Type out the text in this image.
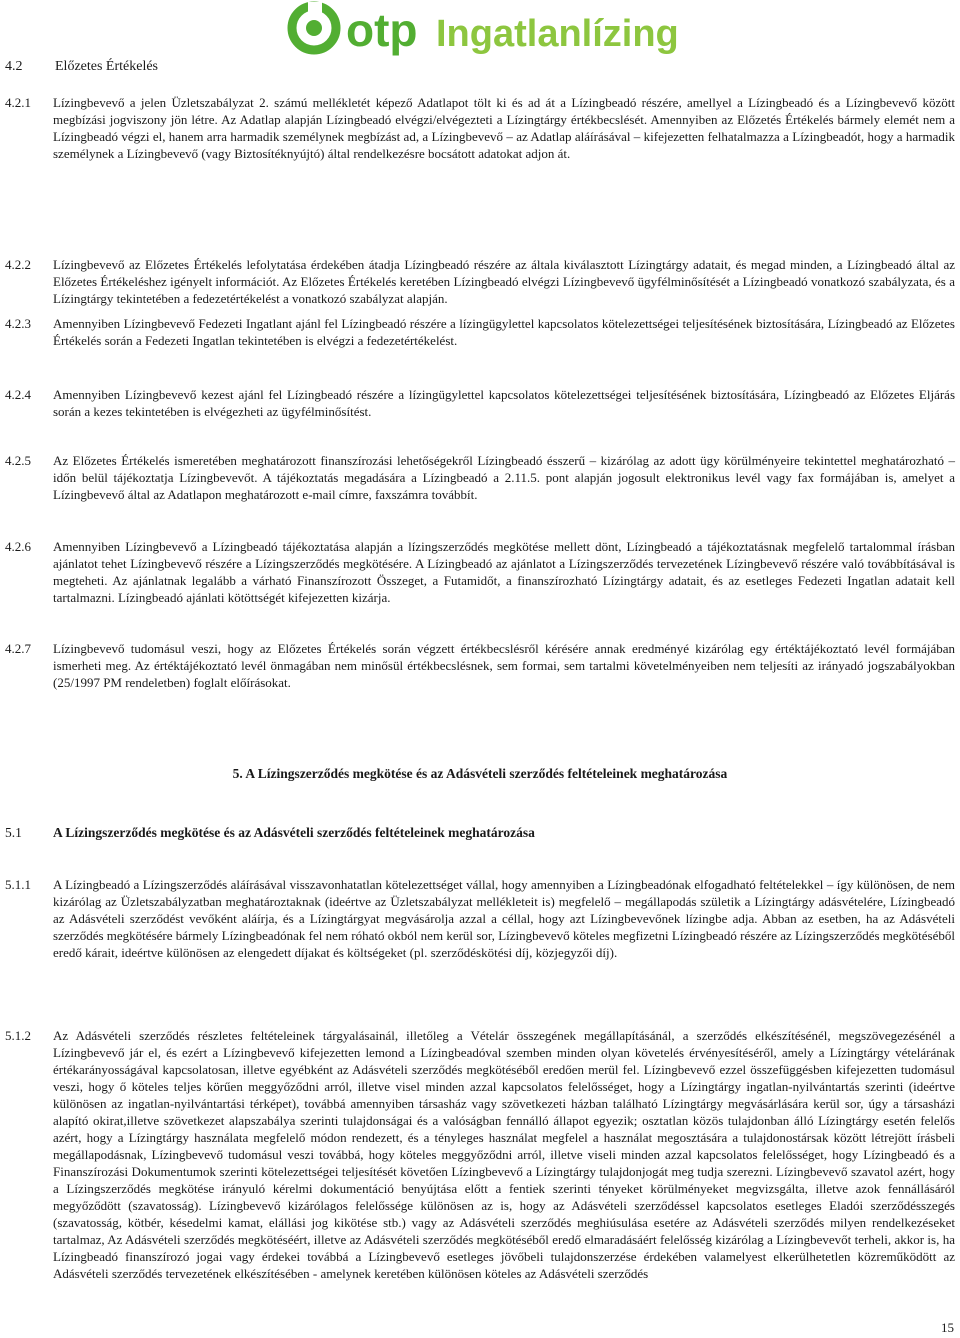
otp Ingatlanlízing
4.2 Előzetes Értékelés
4.2.1	Lízingbevevő a jelen Üzletszabályzat 2. számú mellékletét képező Adatlapot tölt ki és ad át a Lízingbeadó részére, amellyel a Lízingbeadó és a Lízingbevevő között megbízási jogviszony jön létre. Az Adatlap alapján Lízingbeadó elvégzi/elvégezteti a Lízingtárgy értékbecslését. Amennyiben az Előzetés Értékelés bármely elemét nem a Lízingbeadó végzi el, hanem arra harmadik személynek megbízást ad, a Lízingbevevő – az Adatlap aláírásával – kifejezetten felhatalmazza a Lízingbeadót, hogy a harmadik személynek a Lízingbevevő (vagy Biztosítéknyújtó) által rendelkezésre bocsátott adatokat adjon át.
4.2.2	Lízingbevevő az Előzetes Értékelés lefolytatása érdekében átadja Lízingbeadó részére az általa kiválasztott Lízingtárgy adatait, és megad minden, a Lízingbeadó által az Előzetes Értékeléshez igényelt információt. Az Előzetes Értékelés keretében Lízingbeadó elvégzi Lízingbevevő ügyfélminősítését a Lízingbeadó vonatkozó szabályzata, és a Lízingtárgy tekintetében a fedezetértékelést a vonatkozó szabályzat alapján.
4.2.3	Amennyiben Lízingbevevő Fedezeti Ingatlant ajánl fel Lízingbeadó részére a lízingügylettel kapcsolatos kötelezettségei teljesítésének biztosítására, Lízingbeadó az Előzetes Értékelés során a Fedezeti Ingatlan tekintetében is elvégzi a fedezetértékelést.
4.2.4	Amennyiben Lízingbevevő kezest ajánl fel Lízingbeadó részére a lízingügylettel kapcsolatos kötelezettségei teljesítésének biztosítására, Lízingbeadó az Előzetes Eljárás során a kezes tekintetében is elvégezheti az ügyfélminősítést.
4.2.5	Az Előzetes Értékelés ismeretében meghatározott finanszírozási lehetőségekről Lízingbeadó ésszerű – kizárólag az adott ügy körülményeire tekintettel meghatározható – időn belül tájékoztatja Lízingbevevőt. A tájékoztatás megadására a Lízingbeadó a 2.11.5. pont alapján jogosult elektronikus levél vagy fax formájában is, amelyet a Lízingbevevő által az Adatlapon meghatározott e-mail címre, faxszámra továbbít.
4.2.6	Amennyiben Lízingbevevő a Lízingbeadó tájékoztatása alapján a lízingszerződés megkötése mellett dönt, Lízingbeadó a tájékoztatásnak megfelelő tartalommal írásban ajánlatot tehet Lízingbevevő részére a Lízingszerződés megkötésére. A Lízingbeadó az ajánlatot a Lízingszerződés tervezetének Lízingbevevő részére való továbbításával is megteheti. Az ajánlatnak legalább a várható Finanszírozott Összeget, a Futamidőt, a finanszírozható Lízingtárgy adatait, és az esetleges Fedezeti Ingatlan adatait kell tartalmazni. Lízingbeadó ajánlati kötöttségét kifejezetten kizárja.
4.2.7	Lízingbevevő tudomásul veszi, hogy az Előzetes Értékelés során végzett értékbecslésről kérésére annak eredményé kizárólag egy értéktájékoztató levél formájában ismerheti meg. Az értéktájékoztató levél önmagában nem minősül értékbecslésnek, sem formai, sem tartalmi követelményeiben nem teljesíti az irányadó jogszabályokban (25/1997 PM rendeletben) foglalt előírásokat.
5. A Lízingszerződés megkötése és az Adásvételi szerződés feltételeinek meghatározása
5.1 A Lízingszerződés megkötése és az Adásvételi szerződés feltételeinek meghatározása
5.1.1	A Lízingbeadó a Lízingszerződés aláírásával visszavonhatatlan kötelezettséget vállal, hogy amennyiben a Lízingbeadónak elfogadható feltételekkel – így különösen, de nem kizárólag az Üzletszabályzatban meghatároztaknak (ideértve az Üzletszabályzat mellékleteit is) megfelelő – megállapodás születik a Lízingtárgy adásvételére, Lízingbeadó az Adásvételi szerződést vevőként aláírja, és a Lízingtárgyat megvásárolja azzal a céllal, hogy azt Lízingbevevőnek lízingbe adja. Abban az esetben, ha az Adásvételi szerződés megkötésére bármely Lízingbeadónak fel nem róható okból nem kerül sor, Lízingbevevő köteles megfizetni Lízingbeadó részére az Lízingszerződés megkötéséből eredő kárait, ideértve különösen az elengedett díjakat és költségeket (pl. szerződéskötési díj, közjegyzői díj).
5.1.2	Az Adásvételi szerződés részletes feltételeinek tárgyalásainál, illetőleg a Vételár összegének megállapításánál, a szerződés elkészítésénél, megszövegezésénél a Lízingbevevő jár el, és ezért a Lízingbevevő kifejezetten lemond a Lízingbeadóval szemben minden olyan követelés érvényesítéséről, amely a Lízingtárgy vételárának értékarányosságával kapcsolatosan, illetve egyébként az Adásvételi szerződés megkötéséből eredően merül fel. Lízingbevevő ezzel összefüggésben kifejezetten tudomásul veszi, hogy ő köteles teljes körűen meggyőződni arról, illetve visel minden azzal kapcsolatos felelősséget, hogy a Lízingtárgy ingatlan-nyilvántartás szerinti (ideértve különösen az ingatlan-nyilvántartási térképet), továbbá amennyiben társasház vagy szövetkezeti házban található Lízingtárgy megvásárlására kerül sor, úgy a társasházi alapító okirat,illetve szövetkezet alapszabálya szerinti tulajdonságai és a valóságban fennálló állapot egyezik; osztatlan közös tulajdonban álló Lízingtárgy esetén felelős azért, hogy a Lízingtárgy használata megfelelő módon rendezett, és a tényleges használat megfelel a használat megosztására a tulajdonostársak között létrejött írásbeli megállapodásnak, Lízingbevevő tudomásul veszi továbbá, hogy köteles meggyőződni arról, illetve viseli minden azzal kapcsolatos felelősséget, hogy Lízingbeadó és a Finanszírozási Dokumentumok szerinti kötelezettségei teljesítését követően Lízingbevevő a Lízingtárgy tulajdonjogát meg tudja szerezni. Lízingbevevő szavatol azért, hogy a Lízingszerződés megkötése irányuló kérelmi dokumentáció benyújtása előtt a fentiek szerinti tényeket körülményeket megvizsgálta, illetve azok fennállásáról megyőződött (szavatosság). Lízingbevevő kizárólagos felelőssége különösen az is, hogy az Adásvételi szerződéssel kapcsolatos esetleges Eladói szerződésszegés (szavatosság, kötbér, késedelmi kamat, elállási jog kikötése stb.) vagy az Adásvételi szerződés meghiúsulása esetére az Adásvételi szerződés milyen rendelkezéseket tartalmaz, Az Adásvételi szerződés megkötéséért, illetve az Adásvételi szerződés megkötéséből eredő elmaradásáért felelősség kizárólag a Lízingbevevőt terheli, akkor is, ha Lízingbeadó finanszírozó jogai vagy érdekei továbbá a Lízingbevevő esetleges jövőbeli tulajdonszerzése érdekében valamelyest elkerülhetetlen közreműködött az Adásvételi szerződés tervezetének elkészítésében - amelynek keretében különösen köteles az Adásvételi szerződés
15
